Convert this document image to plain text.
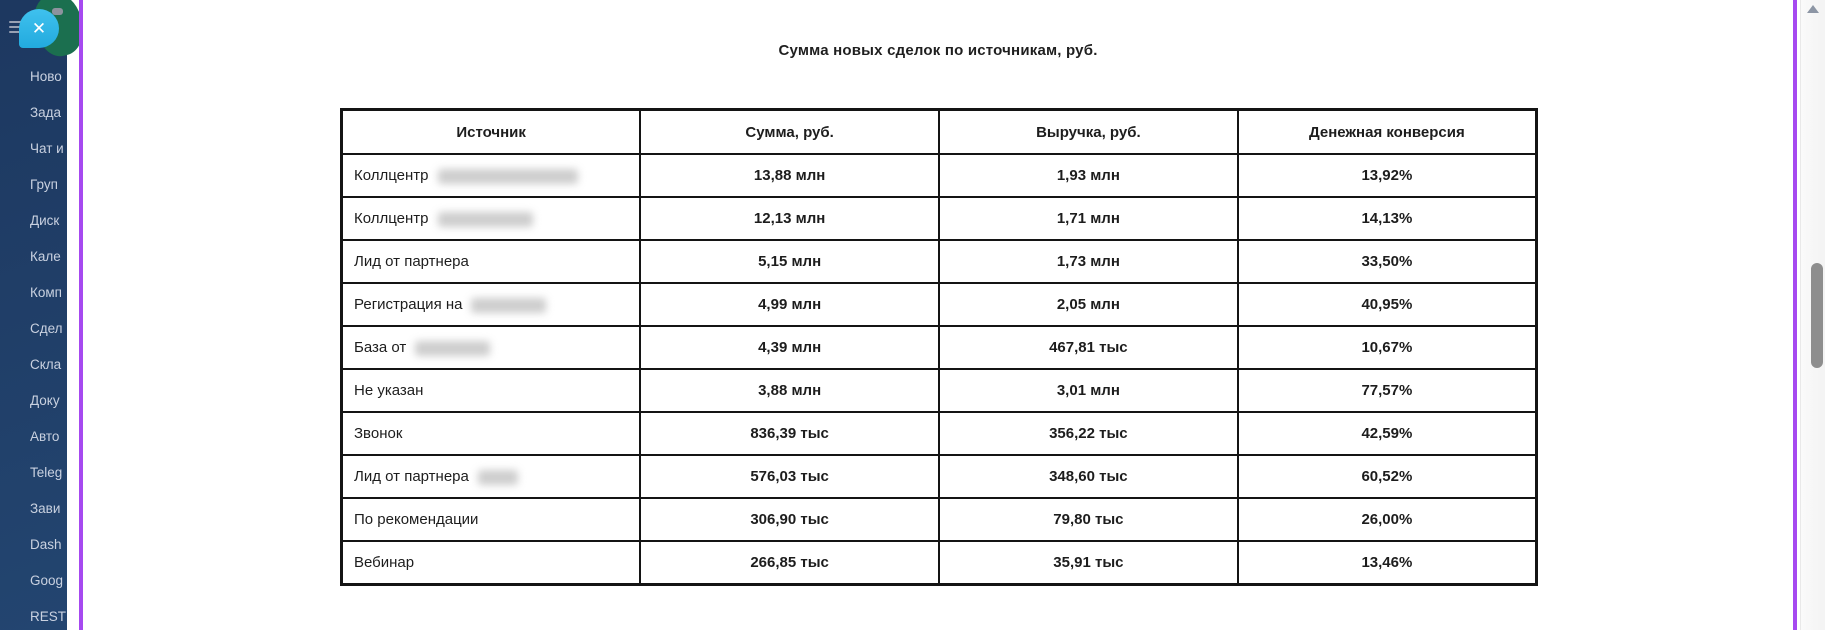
Сумма новых сделок по источникам, руб.
Источник	Сумма, руб.	Выручка, руб.	Денежная конверсия
Коллцентр	13,88 млн	1,93 млн	13,92%
Коллцентр	12,13 млн	1,71 млн	14,13%
Лид от партнера	5,15 млн	1,73 млн	33,50%
Регистрация на	4,99 млн	2,05 млн	40,95%
База от	4,39 млн	467,81 тыс	10,67%
Не указан	3,88 млн	3,01 млн	77,57%
Звонок	836,39 тыс	356,22 тыс	42,59%
Лид от партнера	576,03 тыс	348,60 тыс	60,52%
По рекомендации	306,90 тыс	79,80 тыс	26,00%
Вебинар	266,85 тыс	35,91 тыс	13,46%
Ново
Зада
Чат и
Груп
Диск
Кале
Комп
Сдел
Скла
Доку
Авто
Teleg
Зави
Dash
Goog
REST
✕
